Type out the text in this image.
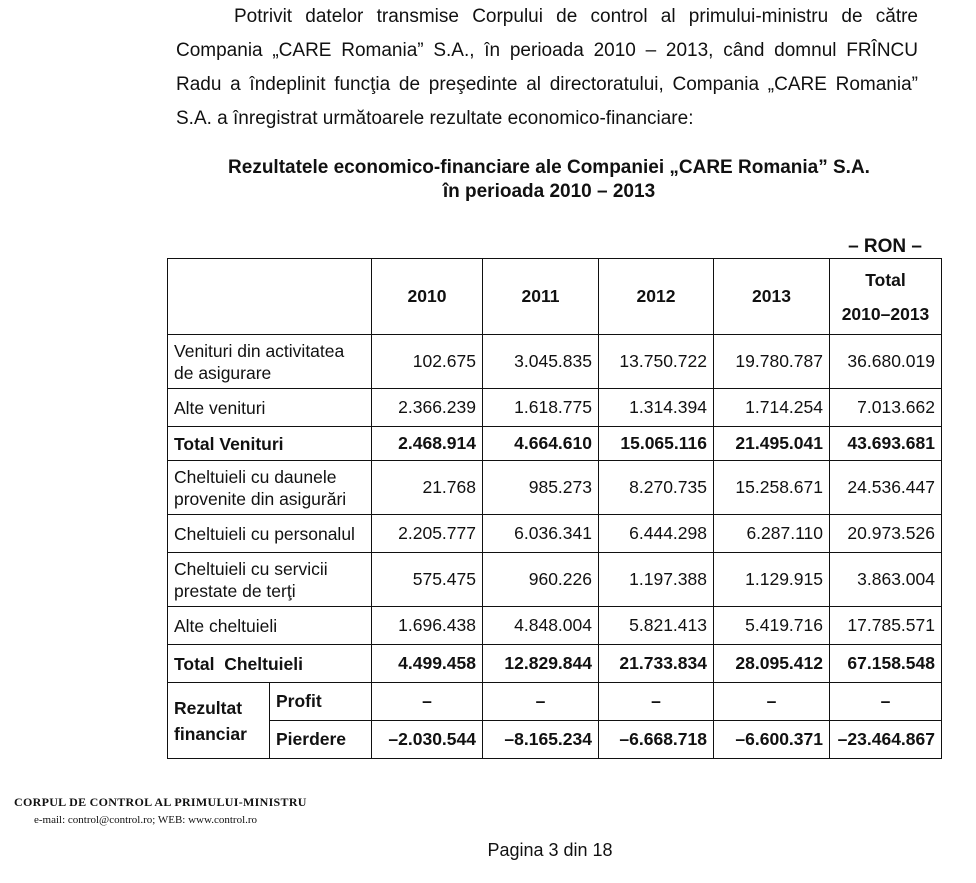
Potrivit datelor transmise Corpului de control al primului-ministru de către Compania „CARE Romania” S.A., în perioada 2010 – 2013, când domnul FRÎNCU Radu a îndeplinit funcţia de preşedinte al directoratului, Compania „CARE Romania” S.A. a înregistrat următoarele rezultate economico-financiare:

Rezultatele economico-financiare ale Companiei „CARE Romania” S.A.
în perioada 2010 – 2013
– RON –
		2010	2011	2012	2013	Total
2010–2013

Venituri din activitatea de asigurare		102.675	3.045.835	13.750.722	19.780.787	36.680.019
Alte venituri		2.366.239	1.618.775	1.314.394	1.714.254	7.013.662
Total Venituri		2.468.914	4.664.610	15.065.116	21.495.041	43.693.681
Cheltuieli cu daunele provenite din asigurări		21.768	985.273	8.270.735	15.258.671	24.536.447
Cheltuieli cu personalul		2.205.777	6.036.341	6.444.298	6.287.110	20.973.526
Cheltuieli cu servicii prestate de terţi		575.475	960.226	1.197.388	1.129.915	3.863.004
Alte cheltuieli		1.696.438	4.848.004	5.821.413	5.419.716	17.785.571
Total  Cheltuieli		4.499.458	12.829.844	21.733.834	28.095.412	67.158.548
Rezultat
financiar	Profit	–	–	–	–	–
	Pierdere	–2.030.544	–8.165.234	–6.668.718	–6.600.371	–23.464.867
CORPUL DE CONTROL AL PRIMULUI-MINISTRU
e-mail: control@control.ro; WEB: www.control.ro
Pagina 3 din 18
